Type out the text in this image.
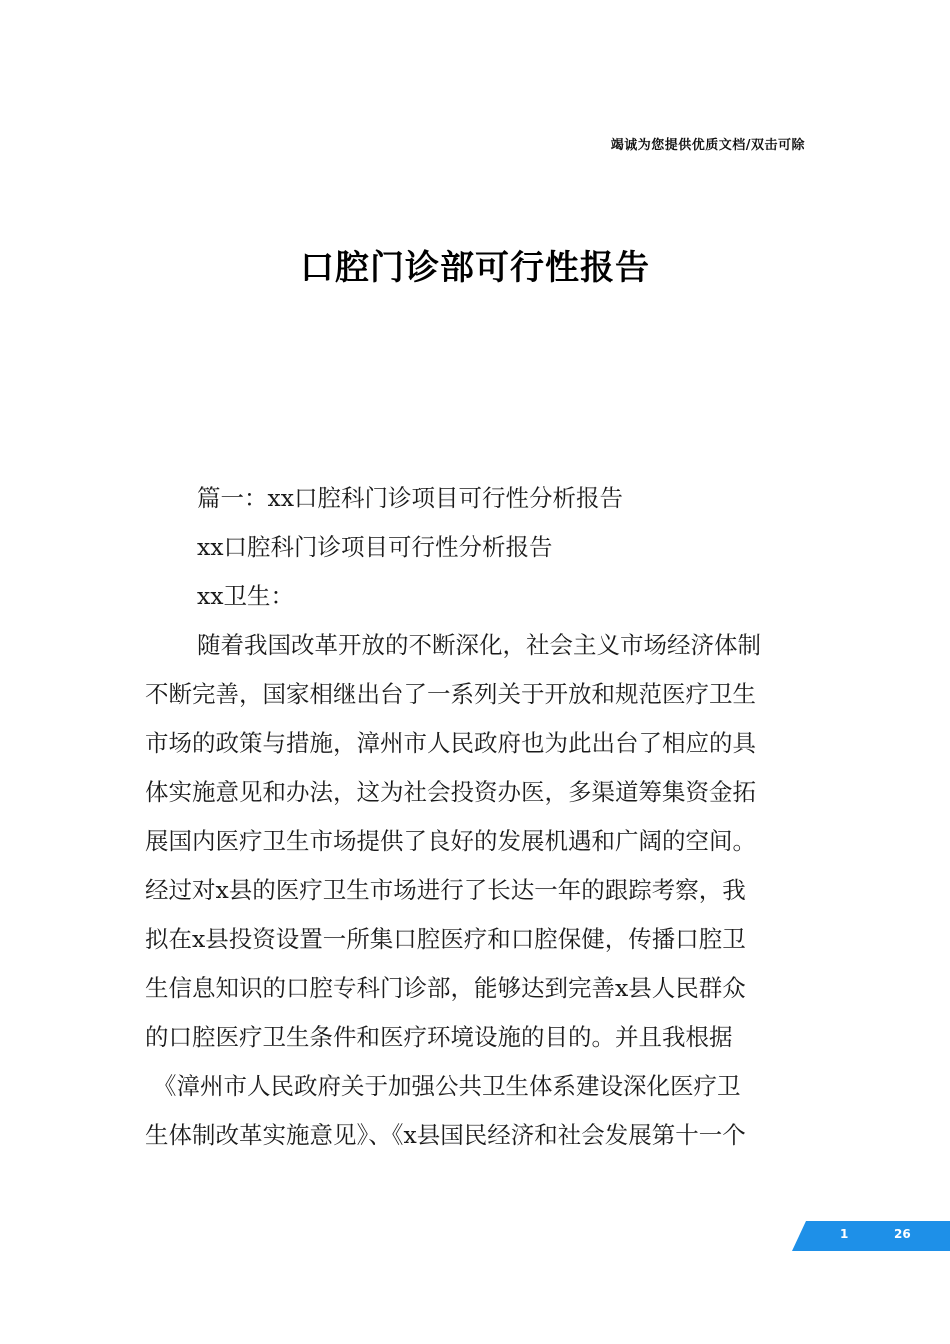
竭诚为您提供优质文档/双击可除
口腔门诊部可行性报告
篇一：xx口腔科门诊项目可行性分析报告
xx口腔科门诊项目可行性分析报告
xx卫生：
随着我国改革开放的不断深化，社会主义市场经济体制
不断完善，国家相继出台了一系列关于开放和规范医疗卫生
市场的政策与措施，漳州市人民政府也为此出台了相应的具
体实施意见和办法，这为社会投资办医，多渠道筹集资金拓
展国内医疗卫生市场提供了良好的发展机遇和广阔的空间。
经过对x县的医疗卫生市场进行了长达一年的跟踪考察，我
拟在x县投资设置一所集口腔医疗和口腔保健，传播口腔卫
生信息知识的口腔专科门诊部，能够达到完善x县人民群众
的口腔医疗卫生条件和医疗环境设施的目的。并且我根据
《漳州市人民政府关于加强公共卫生体系建设深化医疗卫
生体制改革实施意见》、《x县国民经济和社会发展第十一个
1	26
